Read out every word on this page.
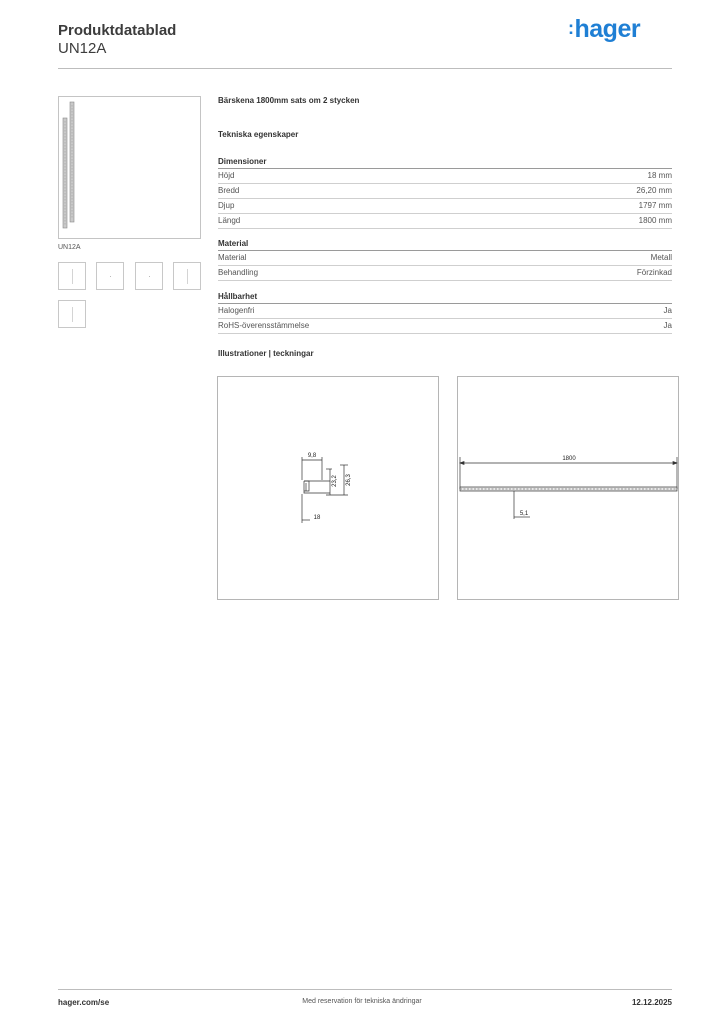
Produktdatablad
UN12A
:hager
UN12A
Bärskena 1800mm sats om 2 stycken
Tekniska egenskaper
Dimensioner
Höjd	18 mm
Bredd	26,20 mm
Djup	1797 mm
Längd	1800 mm
Material
Material	Metall
Behandling	Förzinkad
Hållbarhet
Halogenfri	Ja
RoHS-överensstämmelse	Ja
Illustrationer | teckningar
9,8
23,2 26,3
18
1800
5,1
hager.com/se	Med reservation för tekniska ändringar	12.12.2025
